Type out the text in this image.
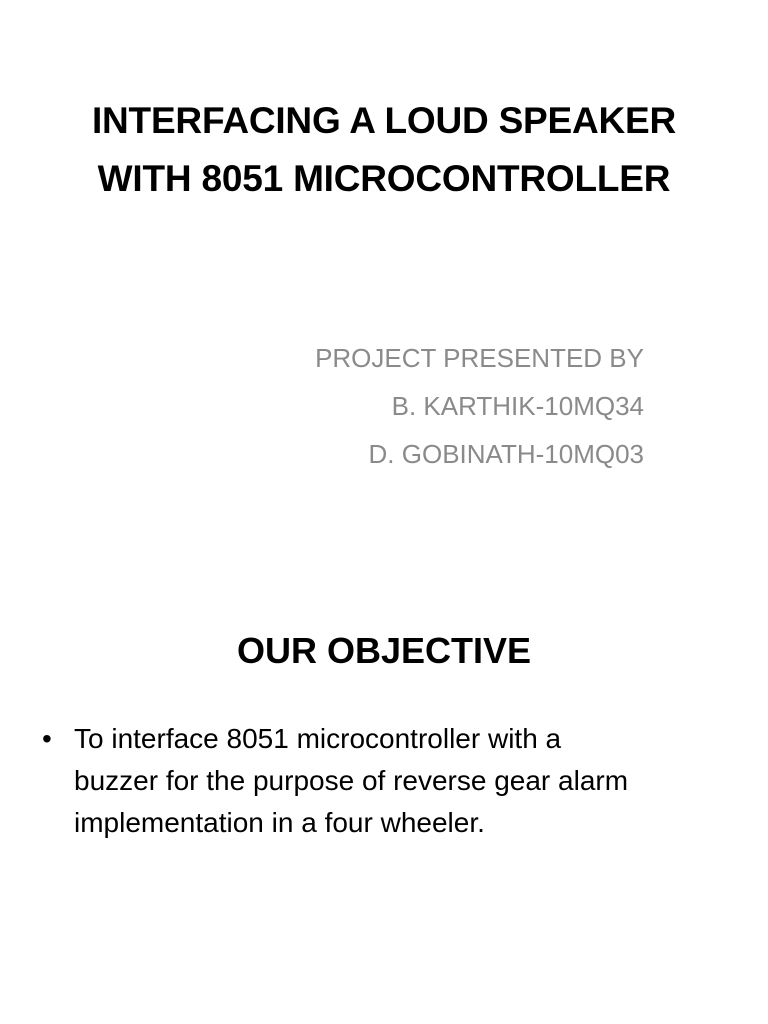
INTERFACING A LOUD SPEAKER
WITH 8051 MICROCONTROLLER
PROJECT PRESENTED BY
B. KARTHIK-10MQ34
D. GOBINATH-10MQ03
OUR OBJECTIVE
• To interface 8051 microcontroller with a
buzzer for the purpose of reverse gear alarm
implementation in a four wheeler.
